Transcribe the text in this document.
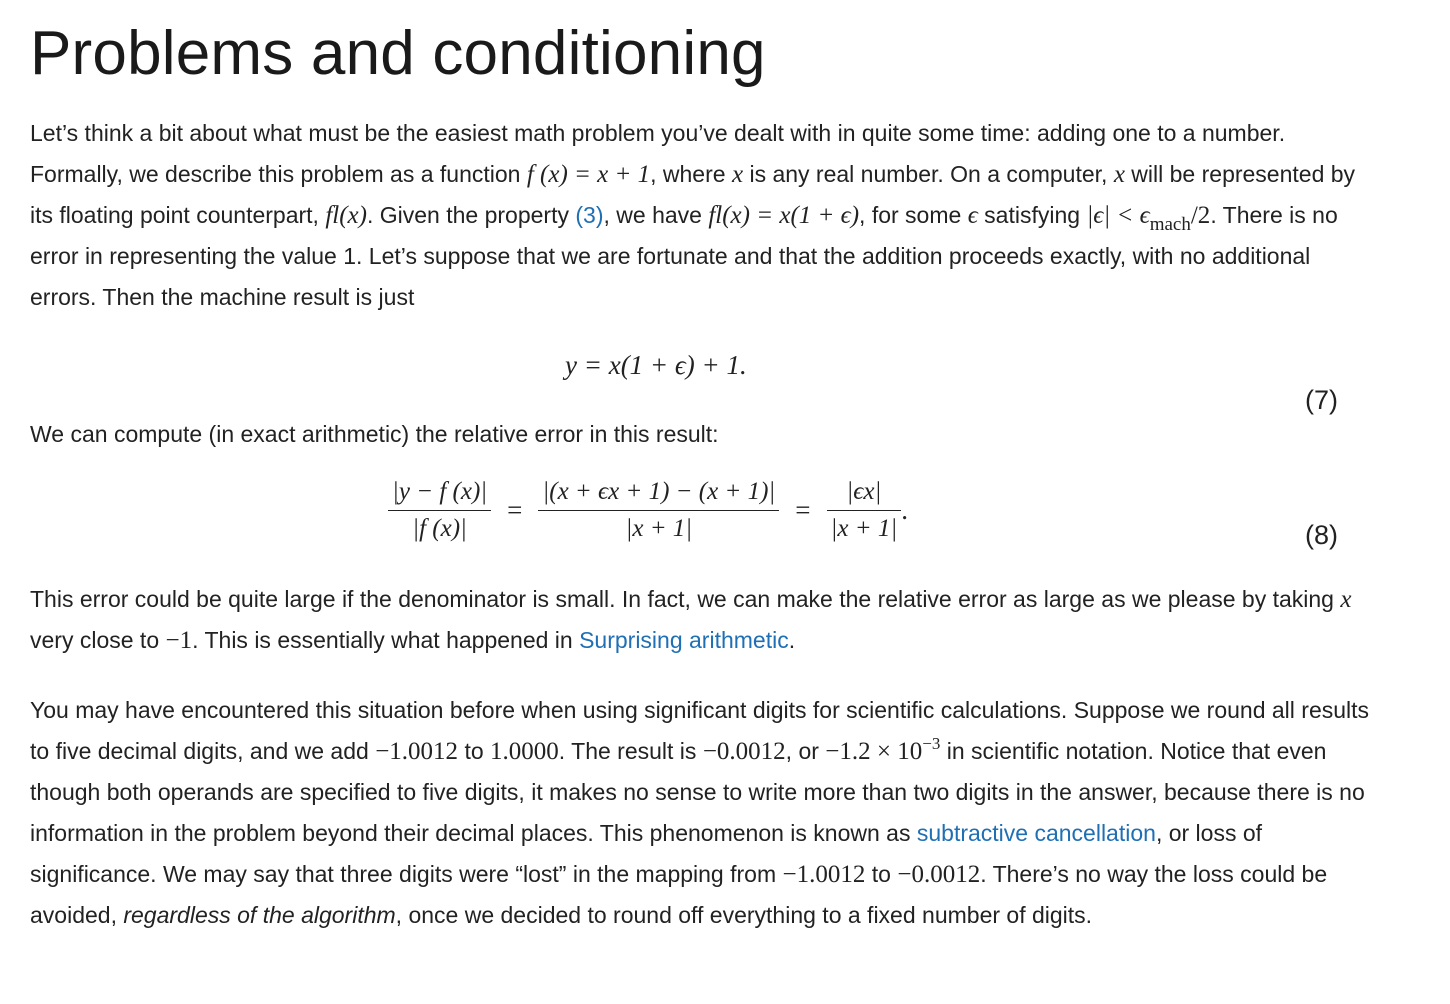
Problems and conditioning

Let’s think a bit about what must be the easiest math problem you’ve dealt with in quite some time: adding one to a number. Formally, we describe this problem as a function f (x) = x + 1, where x is any real number. On a computer, x will be represented by its floating point counterpart, fl(x). Given the property (3), we have fl(x) = x(1 + ϵ), for some ϵ satisfying $|\epsilon| < \epsilon_{mach}/2$. There is no error in representing the value 1. Let’s suppose that we are fortunate and that the addition proceeds exactly, with no additional errors. Then the machine result is just

y = x(1 + ϵ) + 1.
(7)

We can compute (in exact arithmetic) the relative error in this result:

$\frac{|y - f (x)|}{|f (x)|} = \frac{|(x + \epsilon x + 1) - (x + 1)|}{|x + 1|} = \frac{|\epsilon x|}{|x + 1|}$ .
(8)

This error could be quite large if the denominator is small. In fact, we can make the relative error as large as we please by taking x very close to −1. This is essentially what happened in Surprising arithmetic.

You may have encountered this situation before when using significant digits for scientific calculations. Suppose we round all results to five decimal digits, and we add −1.0012 to 1.0000. The result is −0.0012, or $-1.2 \times 10^{-3}$ in scientific notation. Notice that even though both operands are specified to five digits, it makes no sense to write more than two digits in the answer, because there is no information in the problem beyond their decimal places. This phenomenon is known as subtractive cancellation, or loss of significance. We may say that three digits were “lost” in the mapping from −1.0012 to −0.0012. There’s no way the loss could be avoided, regardless of the algorithm, once we decided to round off everything to a fixed number of digits.
